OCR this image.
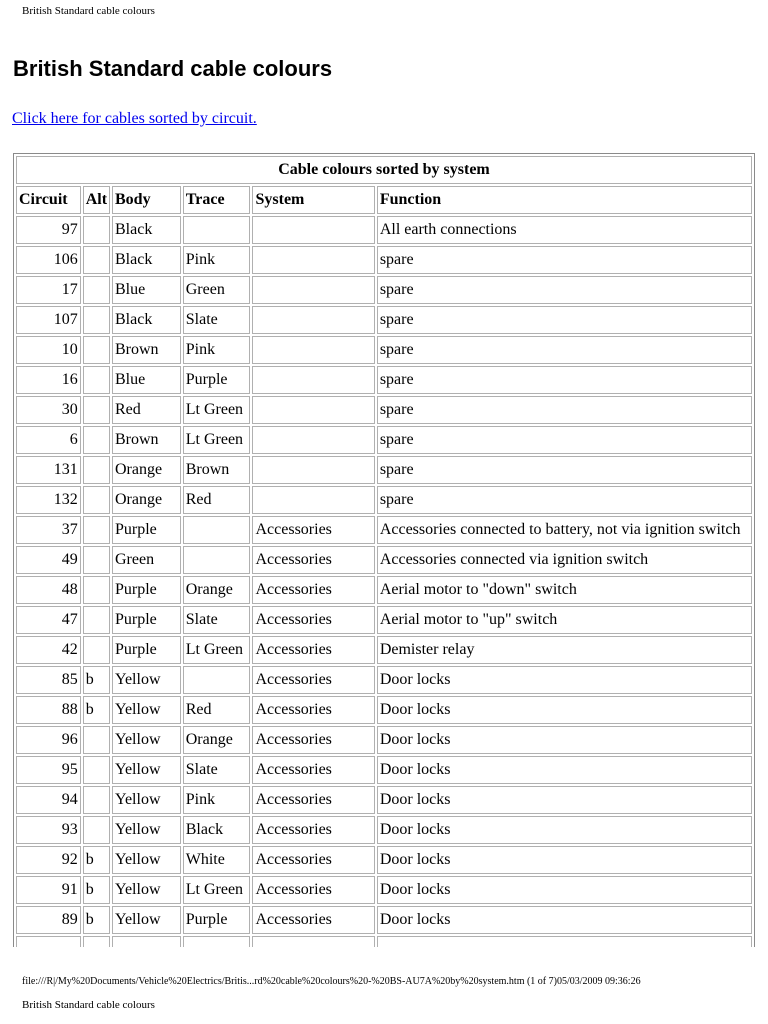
British Standard cable colours
British Standard cable colours
Click here for cables sorted by circuit.
Cable colours sorted by system					
Circuit	Alt	Body	Trace	System	Function
97		Black			All earth connections
106		Black	Pink		spare
17		Blue	Green		spare
107		Black	Slate		spare
10		Brown	Pink		spare
16		Blue	Purple		spare
30		Red	Lt Green		spare
6		Brown	Lt Green		spare
131		Orange	Brown		spare
132		Orange	Red		spare
37		Purple		Accessories	Accessories connected to battery, not via ignition switch
49		Green		Accessories	Accessories connected via ignition switch
48		Purple	Orange	Accessories	Aerial motor to "down" switch
47		Purple	Slate	Accessories	Aerial motor to "up" switch
42		Purple	Lt Green	Accessories	Demister relay
85	b	Yellow		Accessories	Door locks
88	b	Yellow	Red	Accessories	Door locks
96		Yellow	Orange	Accessories	Door locks
95		Yellow	Slate	Accessories	Door locks
94		Yellow	Pink	Accessories	Door locks
93		Yellow	Black	Accessories	Door locks
92	b	Yellow	White	Accessories	Door locks
91	b	Yellow	Lt Green	Accessories	Door locks
89	b	Yellow	Purple	Accessories	Door locks

file:///R|/My%20Documents/Vehicle%20Electrics/Britis...rd%20cable%20colours%20-%20BS-AU7A%20by%20system.htm (1 of 7)05/03/2009 09:36:26
British Standard cable colours
